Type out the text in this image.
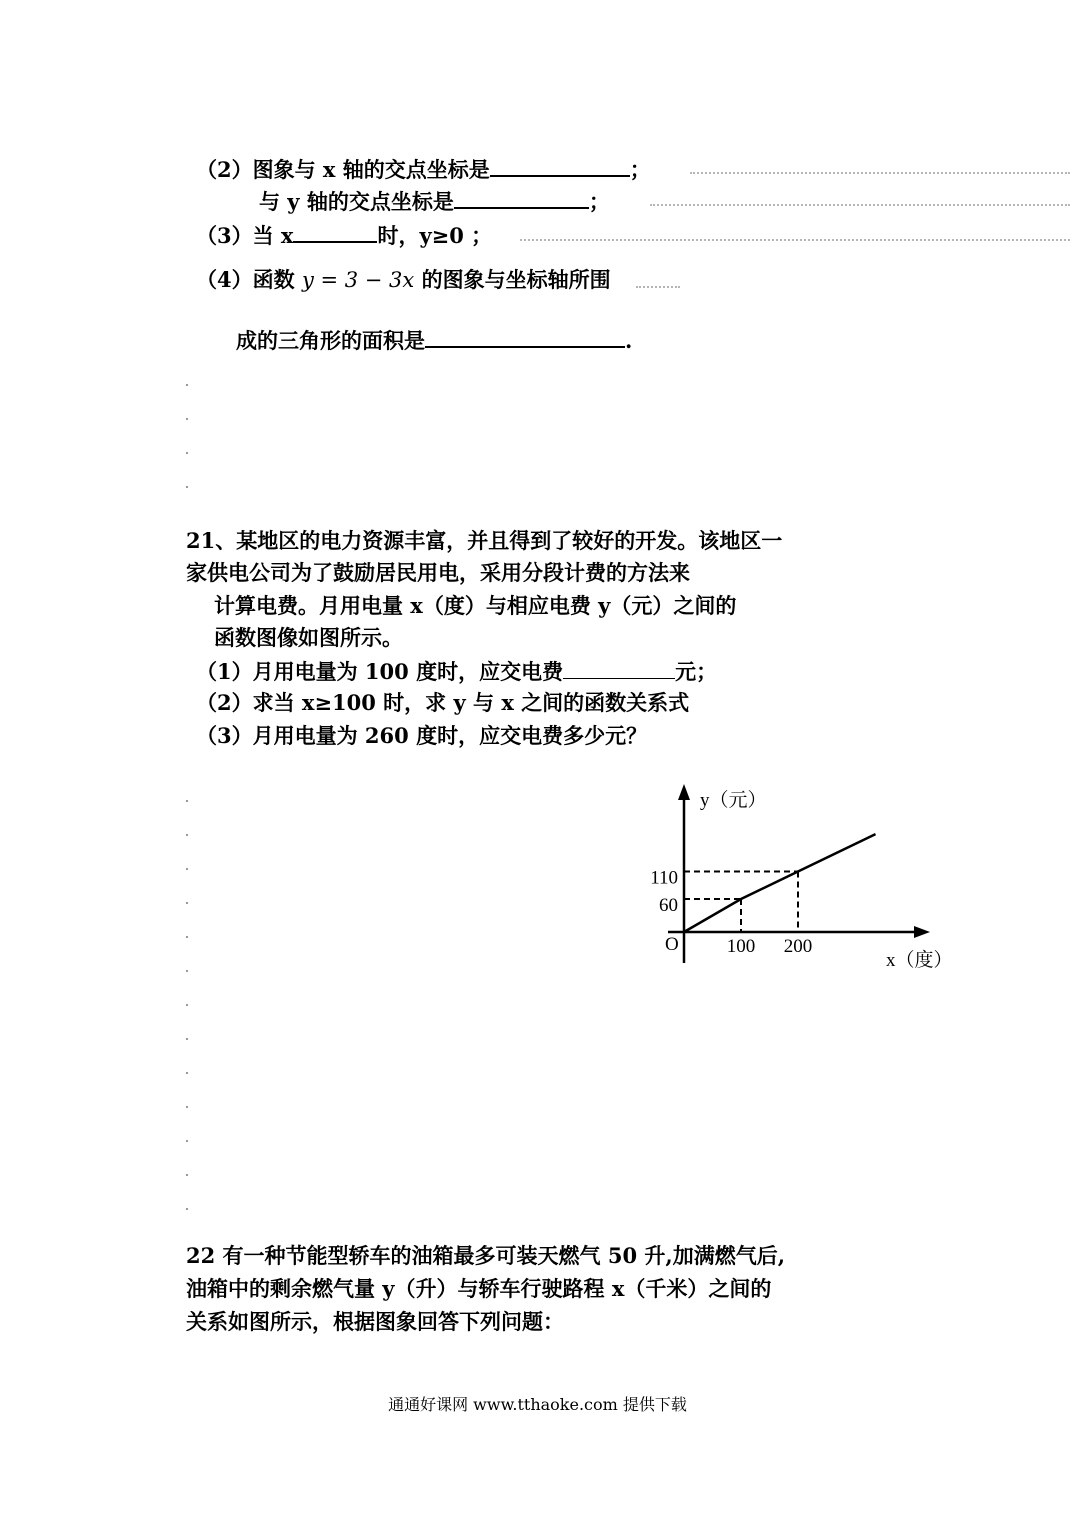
（2）图象与 x 轴的交点坐标是	；
与 y 轴的交点坐标是	；
（3）当 x	时，y≥0 ；
（4）函数 y = 3 − 3x 的图象与坐标轴所围
成的三角形的面积是	.
21、某地区的电力资源丰富，并且得到了较好的开发。该地区一
家供电公司为了鼓励居民用电，采用分段计费的方法来
计算电费。月用电量 x（度）与相应电费 y（元）之间的
函数图像如图所示。
（1）月用电量为 100 度时，应交电费	元；
（2）求当 x≥100 时，求 y 与 x 之间的函数关系式
（3）月用电量为 260 度时，应交电费多少元？
y（元）
x（度）
O	100 200
60
110
22 有一种节能型轿车的油箱最多可装天燃气 50 升,加满燃气后,
油箱中的剩余燃气量 y（升）与轿车行驶路程 x（千米）之间的
关系如图所示，根据图象回答下列问题：
通通好课网 www.tthaoke.com 提供下载
